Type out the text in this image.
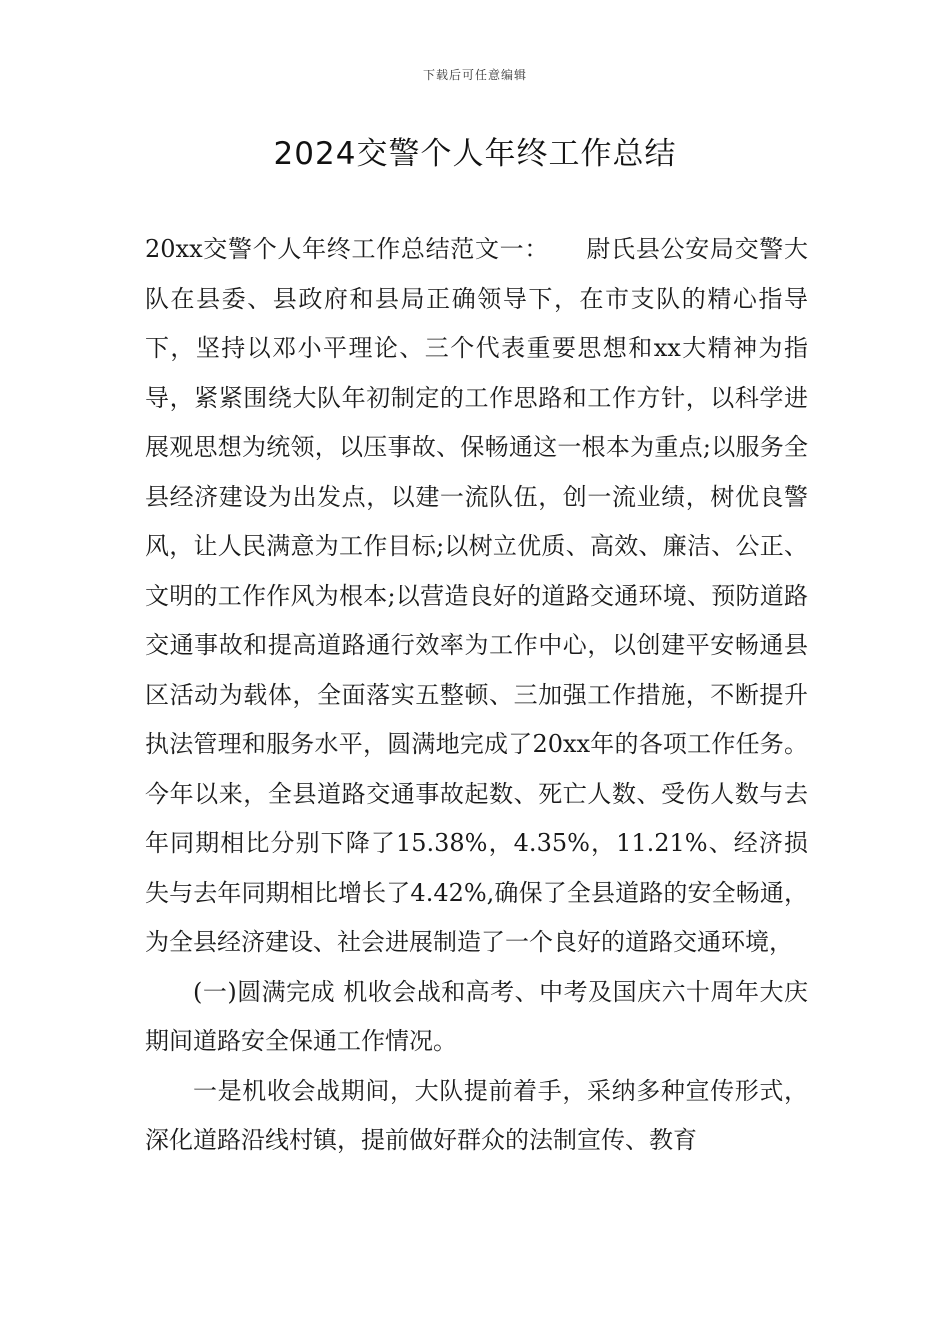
下载后可任意编辑
2024交警个人年终工作总结

20xx交警个人年终工作总结范文一：　　尉氏县公安局交警大队在县委、县政府和县局正确领导下，在市支队的精心指导下，坚持以邓小平理论、三个代表重要思想和xx大精神为指导，紧紧围绕大队年初制定的工作思路和工作方针，以科学进展观思想为统领，以压事故、保畅通这一根本为重点;以服务全县经济建设为出发点，以建一流队伍，创一流业绩，树优良警风，让人民满意为工作目标;以树立优质、高效、廉洁、公正、文明的工作作风为根本;以营造良好的道路交通环境、预防道路交通事故和提高道路通行效率为工作中心，以创建平安畅通县区活动为载体，全面落实五整顿、三加强工作措施，不断提升执法管理和服务水平，圆满地完成了20xx年的各项工作任务。今年以来，全县道路交通事故起数、死亡人数、受伤人数与去年同期相比分别下降了15.38%，4.35%，11.21%、经济损失与去年同期相比增长了4.42%,确保了全县道路的安全畅通，为全县经济建设、社会进展制造了一个良好的道路交通环境，

(一)圆满完成 机收会战和高考、中考及国庆六十周年大庆期间道路安全保通工作情况。

一是机收会战期间，大队提前着手，采纳多种宣传形式，深化道路沿线村镇，提前做好群众的法制宣传、教育
